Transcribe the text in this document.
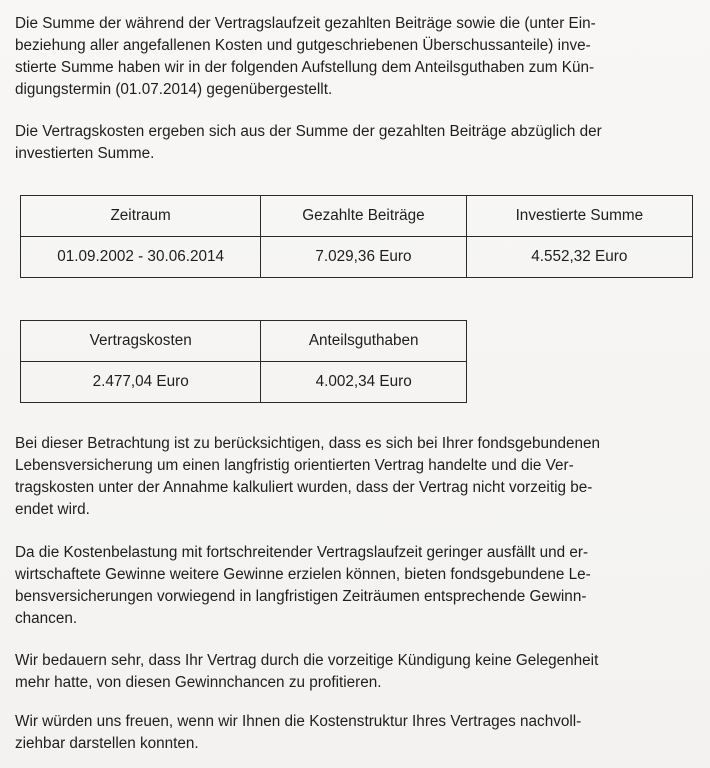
Die Summe der während der Vertragslaufzeit gezahlten Beiträge sowie die (unter Ein-
beziehung aller angefallenen Kosten und gutgeschriebenen Überschussanteile) inve-
stierte Summe haben wir in der folgenden Aufstellung dem Anteilsguthaben zum Kün-
digungstermin (01.07.2014) gegenübergestellt.

Die Vertragskosten ergeben sich aus der Summe der gezahlten Beiträge abzüglich der
investierten Summe.

Zeitraum	Gezahlte Beiträge	Investierte Summe
01.09.2002 - 30.06.2014	7.029,36 Euro	4.552,32 Euro
Vertragskosten	Anteilsguthaben
2.477,04 Euro	4.002,34 Euro

Bei dieser Betrachtung ist zu berücksichtigen, dass es sich bei Ihrer fondsgebundenen
Lebensversicherung um einen langfristig orientierten Vertrag handelte und die Ver-
tragskosten unter der Annahme kalkuliert wurden, dass der Vertrag nicht vorzeitig be-
endet wird.

Da die Kostenbelastung mit fortschreitender Vertragslaufzeit geringer ausfällt und er-
wirtschaftete Gewinne weitere Gewinne erzielen können, bieten fondsgebundene Le-
bensversicherungen vorwiegend in langfristigen Zeiträumen entsprechende Gewinn-
chancen.

Wir bedauern sehr, dass Ihr Vertrag durch die vorzeitige Kündigung keine Gelegenheit
mehr hatte, von diesen Gewinnchancen zu profitieren.

Wir würden uns freuen, wenn wir Ihnen die Kostenstruktur Ihres Vertrages nachvoll-
ziehbar darstellen konnten.
